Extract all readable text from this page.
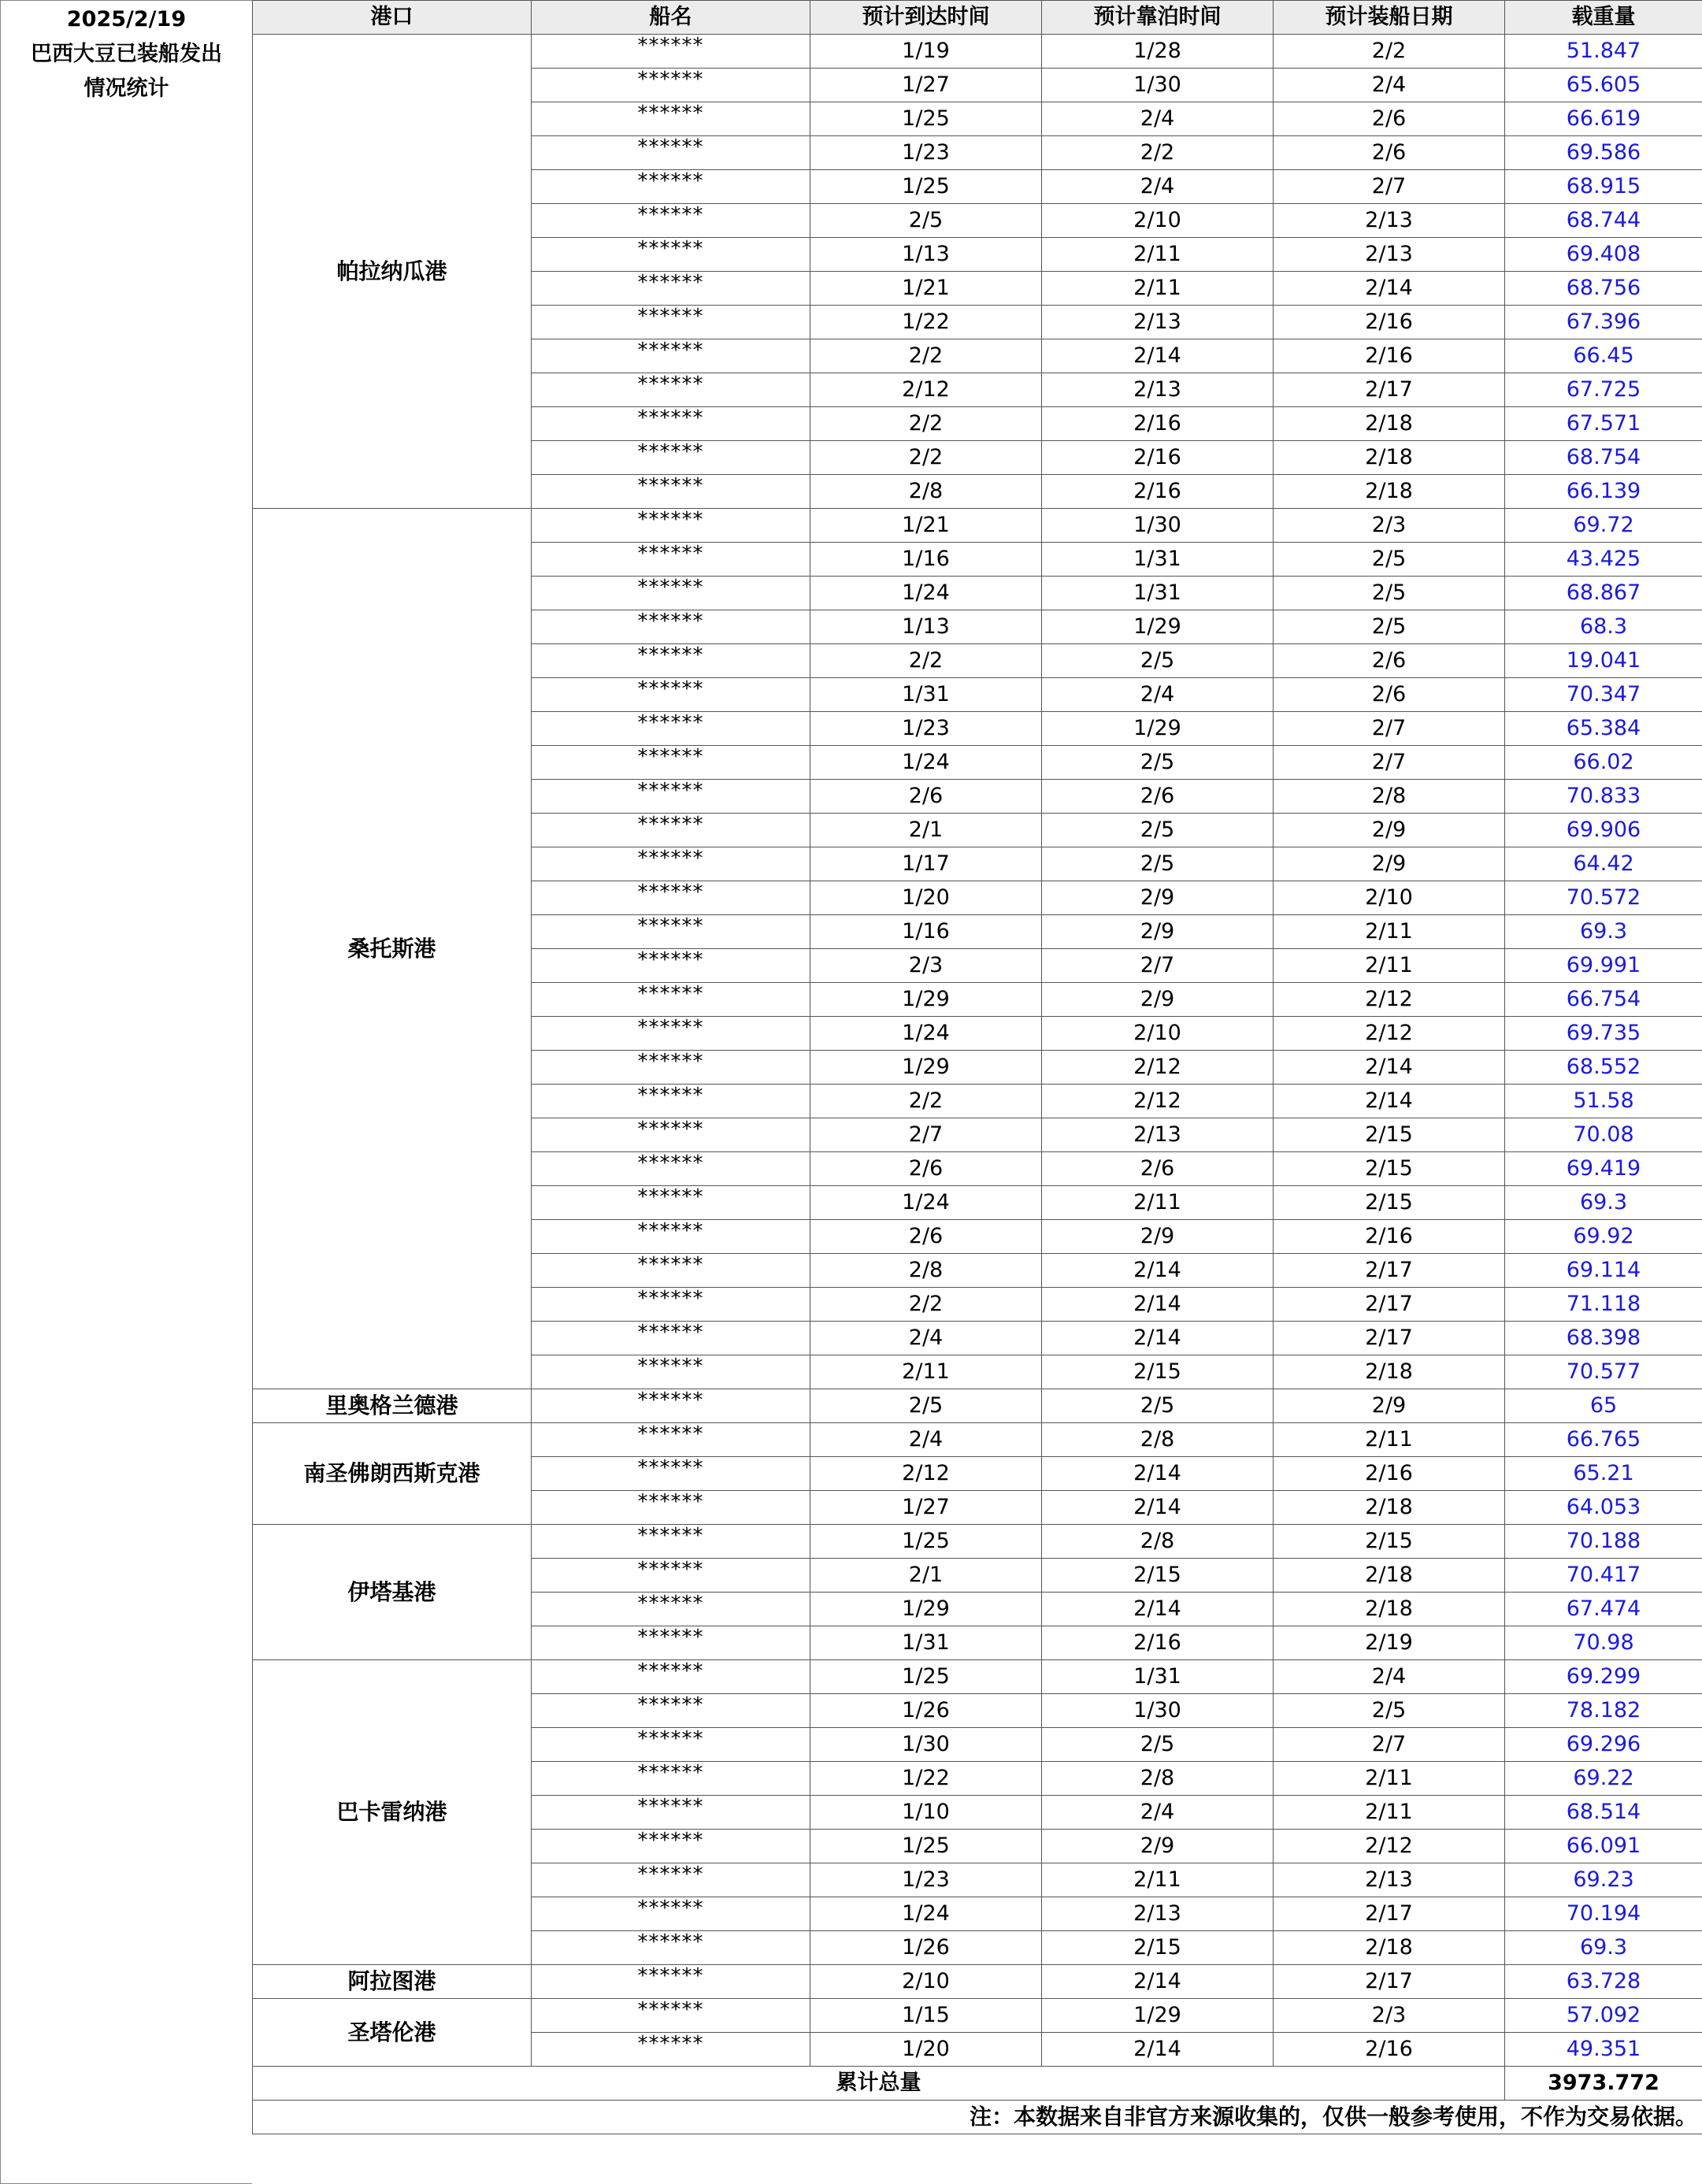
2025/2/19
巴西大豆已装船发出
情况统计
港口	船名	预计到达时间	预计靠泊时间	预计装船日期	载重量
帕拉纳瓜港	******	1/19	1/28	2/2	51.847
	******	1/27	1/30	2/4	65.605
	******	1/25	2/4	2/6	66.619
	******	1/23	2/2	2/6	69.586
	******	1/25	2/4	2/7	68.915
	******	2/5	2/10	2/13	68.744
	******	1/13	2/11	2/13	69.408
	******	1/21	2/11	2/14	68.756
	******	1/22	2/13	2/16	67.396
	******	2/2	2/14	2/16	66.45
	******	2/12	2/13	2/17	67.725
	******	2/2	2/16	2/18	67.571
	******	2/2	2/16	2/18	68.754
	******	2/8	2/16	2/18	66.139
桑托斯港	******	1/21	1/30	2/3	69.72
	******	1/16	1/31	2/5	43.425
	******	1/24	1/31	2/5	68.867
	******	1/13	1/29	2/5	68.3
	******	2/2	2/5	2/6	19.041
	******	1/31	2/4	2/6	70.347
	******	1/23	1/29	2/7	65.384
	******	1/24	2/5	2/7	66.02
	******	2/6	2/6	2/8	70.833
	******	2/1	2/5	2/9	69.906
	******	1/17	2/5	2/9	64.42
	******	1/20	2/9	2/10	70.572
	******	1/16	2/9	2/11	69.3
	******	2/3	2/7	2/11	69.991
	******	1/29	2/9	2/12	66.754
	******	1/24	2/10	2/12	69.735
	******	1/29	2/12	2/14	68.552
	******	2/2	2/12	2/14	51.58
	******	2/7	2/13	2/15	70.08
	******	2/6	2/6	2/15	69.419
	******	1/24	2/11	2/15	69.3
	******	2/6	2/9	2/16	69.92
	******	2/8	2/14	2/17	69.114
	******	2/2	2/14	2/17	71.118
	******	2/4	2/14	2/17	68.398
	******	2/11	2/15	2/18	70.577
里奥格兰德港	******	2/5	2/5	2/9	65
南圣佛朗西斯克港	******	2/4	2/8	2/11	66.765
	******	2/12	2/14	2/16	65.21
	******	1/27	2/14	2/18	64.053
伊塔基港	******	1/25	2/8	2/15	70.188
	******	2/1	2/15	2/18	70.417
	******	1/29	2/14	2/18	67.474
	******	1/31	2/16	2/19	70.98
巴卡雷纳港	******	1/25	1/31	2/4	69.299
	******	1/26	1/30	2/5	78.182
	******	1/30	2/5	2/7	69.296
	******	1/22	2/8	2/11	69.22
	******	1/10	2/4	2/11	68.514
	******	1/25	2/9	2/12	66.091
	******	1/23	2/11	2/13	69.23
	******	1/24	2/13	2/17	70.194
	******	1/26	2/15	2/18	69.3
阿拉图港	******	2/10	2/14	2/17	63.728
圣塔伦港	******	1/15	1/29	2/3	57.092
	******	1/20	2/14	2/16	49.351
累计总量					3973.772
注：本数据来自非官方来源收集的，仅供一般参考使用，不作为交易依据。					
